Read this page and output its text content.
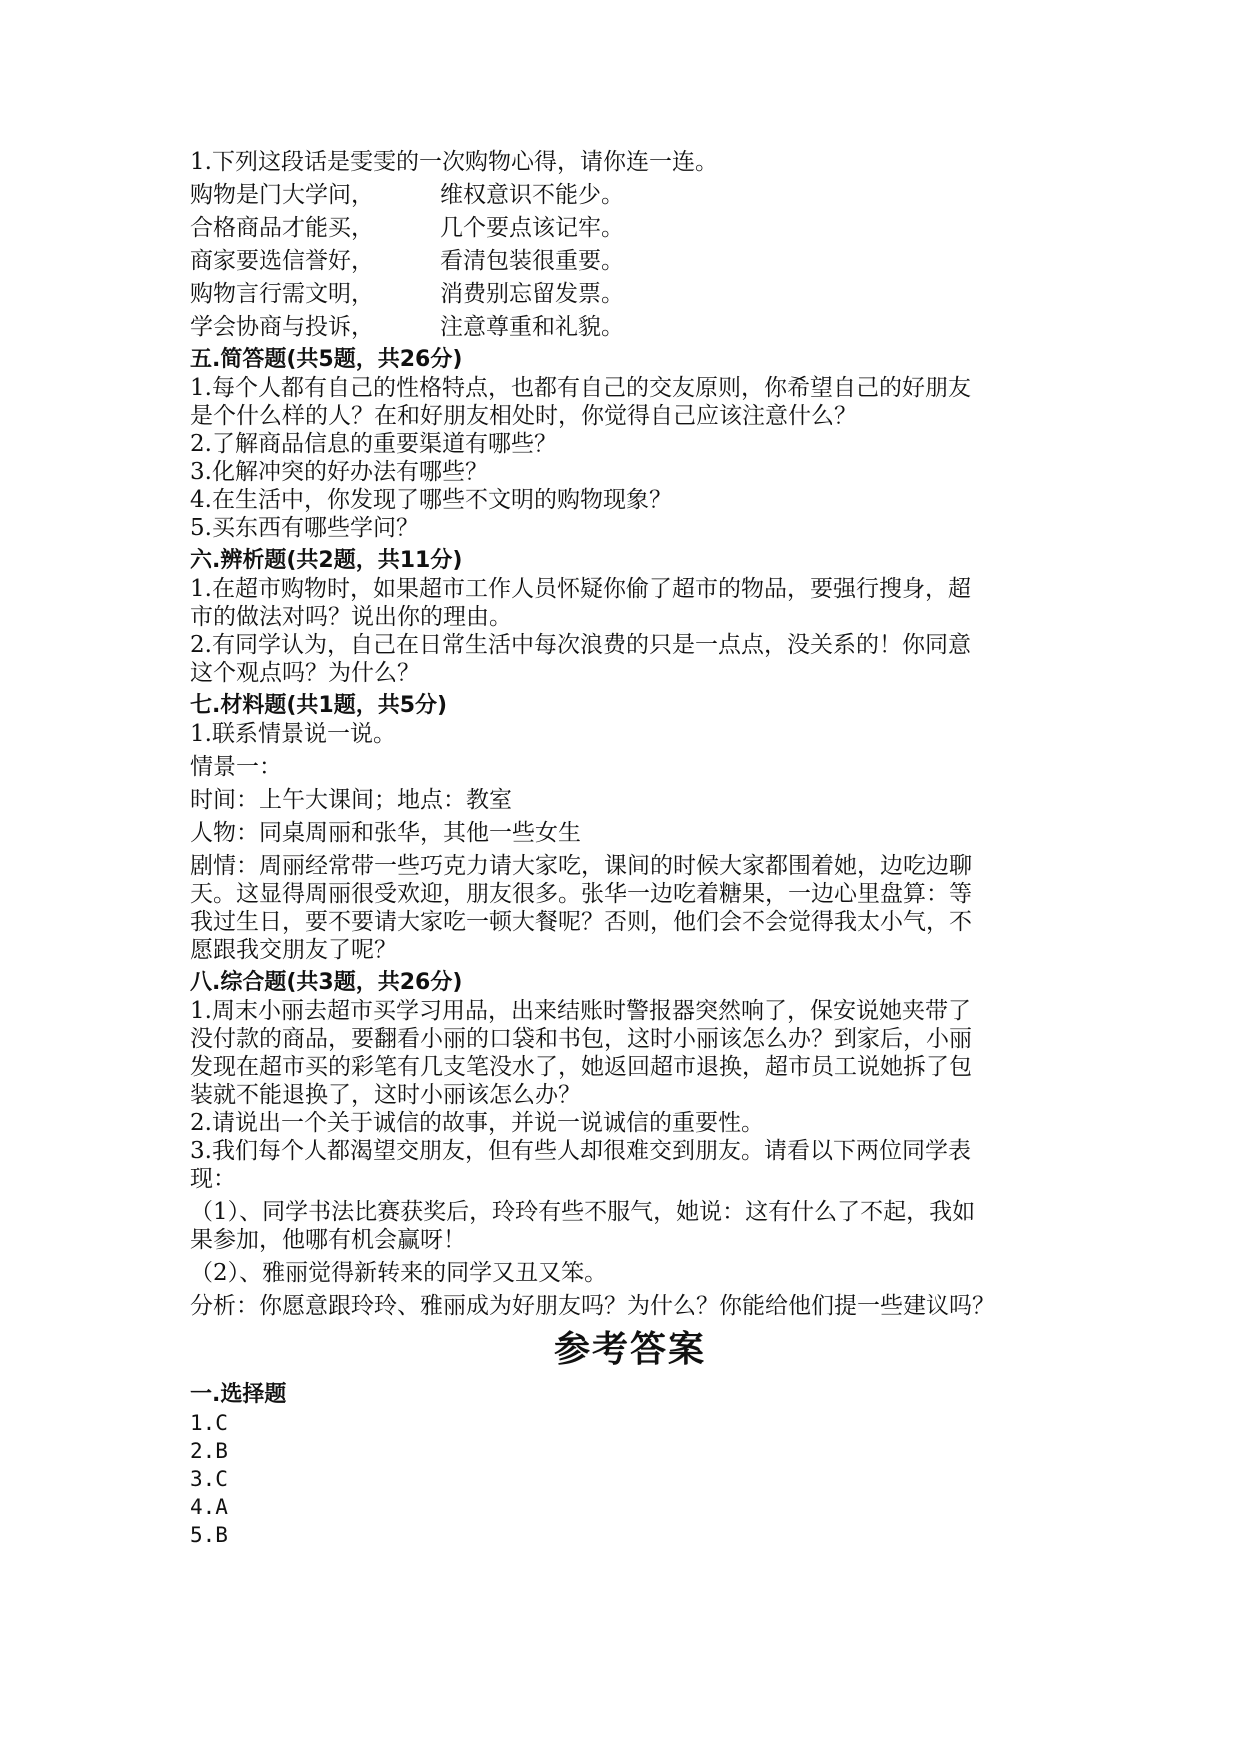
1.下列这段话是雯雯的一次购物心得，请你连一连。
购物是门大学问，	维权意识不能少。
合格商品才能买，	几个要点该记牢。
商家要选信誉好，	看清包装很重要。
购物言行需文明，	消费别忘留发票。
学会协商与投诉，	注意尊重和礼貌。
五.简答题(共5题，共26分)
1.每个人都有自己的性格特点，也都有自己的交友原则，你希望自己的好朋友
是个什么样的人？在和好朋友相处时，你觉得自己应该注意什么？
2.了解商品信息的重要渠道有哪些？
3.化解冲突的好办法有哪些？
4.在生活中，你发现了哪些不文明的购物现象？
5.买东西有哪些学问？
六.辨析题(共2题，共11分)
1.在超市购物时，如果超市工作人员怀疑你偷了超市的物品，要强行搜身，超
市的做法对吗？说出你的理由。
2.有同学认为，自己在日常生活中每次浪费的只是一点点，没关系的！你同意
这个观点吗？为什么？
七.材料题(共1题，共5分)
1.联系情景说一说。
情景一：
时间：上午大课间；地点：教室
人物：同桌周丽和张华，其他一些女生
剧情：周丽经常带一些巧克力请大家吃，课间的时候大家都围着她，边吃边聊
天。这显得周丽很受欢迎，朋友很多。张华一边吃着糖果，一边心里盘算：等
我过生日，要不要请大家吃一顿大餐呢？否则，他们会不会觉得我太小气，不
愿跟我交朋友了呢？
八.综合题(共3题，共26分)
1.周末小丽去超市买学习用品，出来结账时警报器突然响了，保安说她夹带了
没付款的商品，要翻看小丽的口袋和书包，这时小丽该怎么办？到家后，小丽
发现在超市买的彩笔有几支笔没水了，她返回超市退换，超市员工说她拆了包
装就不能退换了，这时小丽该怎么办？
2.请说出一个关于诚信的故事，并说一说诚信的重要性。
3.我们每个人都渴望交朋友，但有些人却很难交到朋友。请看以下两位同学表
现：
（1）、同学书法比赛获奖后，玲玲有些不服气，她说：这有什么了不起，我如
果参加，他哪有机会赢呀！
（2）、雅丽觉得新转来的同学又丑又笨。
分析：你愿意跟玲玲、雅丽成为好朋友吗？为什么？你能给他们提一些建议吗？
参考答案
一.选择题
1.C
2.B
3.C
4.A
5.B
